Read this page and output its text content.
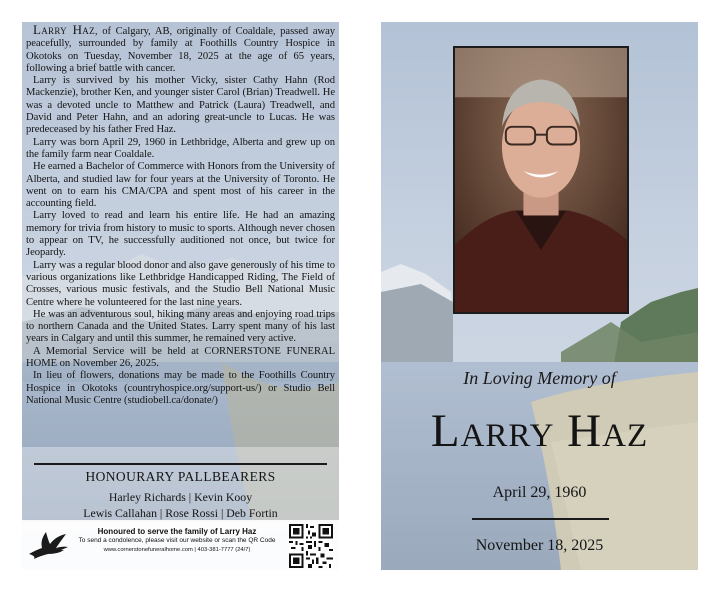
Larry Haz, of Calgary, AB, originally of Coaldale, passed away peacefully, surrounded by family at Foothills Country Hospice in Okotoks on Tuesday, November 18, 2025 at the age of 65 years, following a brief battle with cancer.

Larry is survived by his mother Vicky, sister Cathy Hahn (Rod Mackenzie), brother Ken, and younger sister Carol (Brian) Treadwell. He was a devoted uncle to Matthew and Patrick (Laura) Treadwell, and David and Peter Hahn, and an adoring great-uncle to Lucas. He was predeceased by his father Fred Haz.

Larry was born April 29, 1960 in Lethbridge, Alberta and grew up on the family farm near Coaldale.

He earned a Bachelor of Commerce with Honors from the University of Alberta, and studied law for four years at the University of Toronto. He went on to earn his CMA/CPA and spent most of his career in the accounting field.

Larry loved to read and learn his entire life. He had an amazing memory for trivia from history to music to sports. Although never chosen to appear on TV, he successfully auditioned not once, but twice for Jeopardy.

Larry was a regular blood donor and also gave generously of his time to various organizations like Lethbridge Handicapped Riding, The Field of Crosses, various music festivals, and the Studio Bell National Music Centre where he volunteered for the last nine years.

He was an adventurous soul, hiking many areas and enjoying road trips to northern Canada and the United States. Larry spent many of his last years in Calgary and until this summer, he remained very active.

A Memorial Service will be held at CORNERSTONE FUNERAL HOME on November 26, 2025.

In lieu of flowers, donations may be made to the Foothills Country Hospice in Okotoks (countryhospice.org/support-us/) or Studio Bell National Music Centre (studiobell.ca/donate/)

HONOURARY PALLBEARERS
Harley Richards | Kevin Kooy
Lewis Callahan | Rose Rossi | Deb Fortin
Honoured to serve the family of Larry Haz
To send a condolence, please visit our website or scan the QR Code
www.cornerstonefuneralhome.com | 403-381-7777 (24/7)
In Loving Memory of
Larry Haz
April 29, 1960
November 18, 2025
